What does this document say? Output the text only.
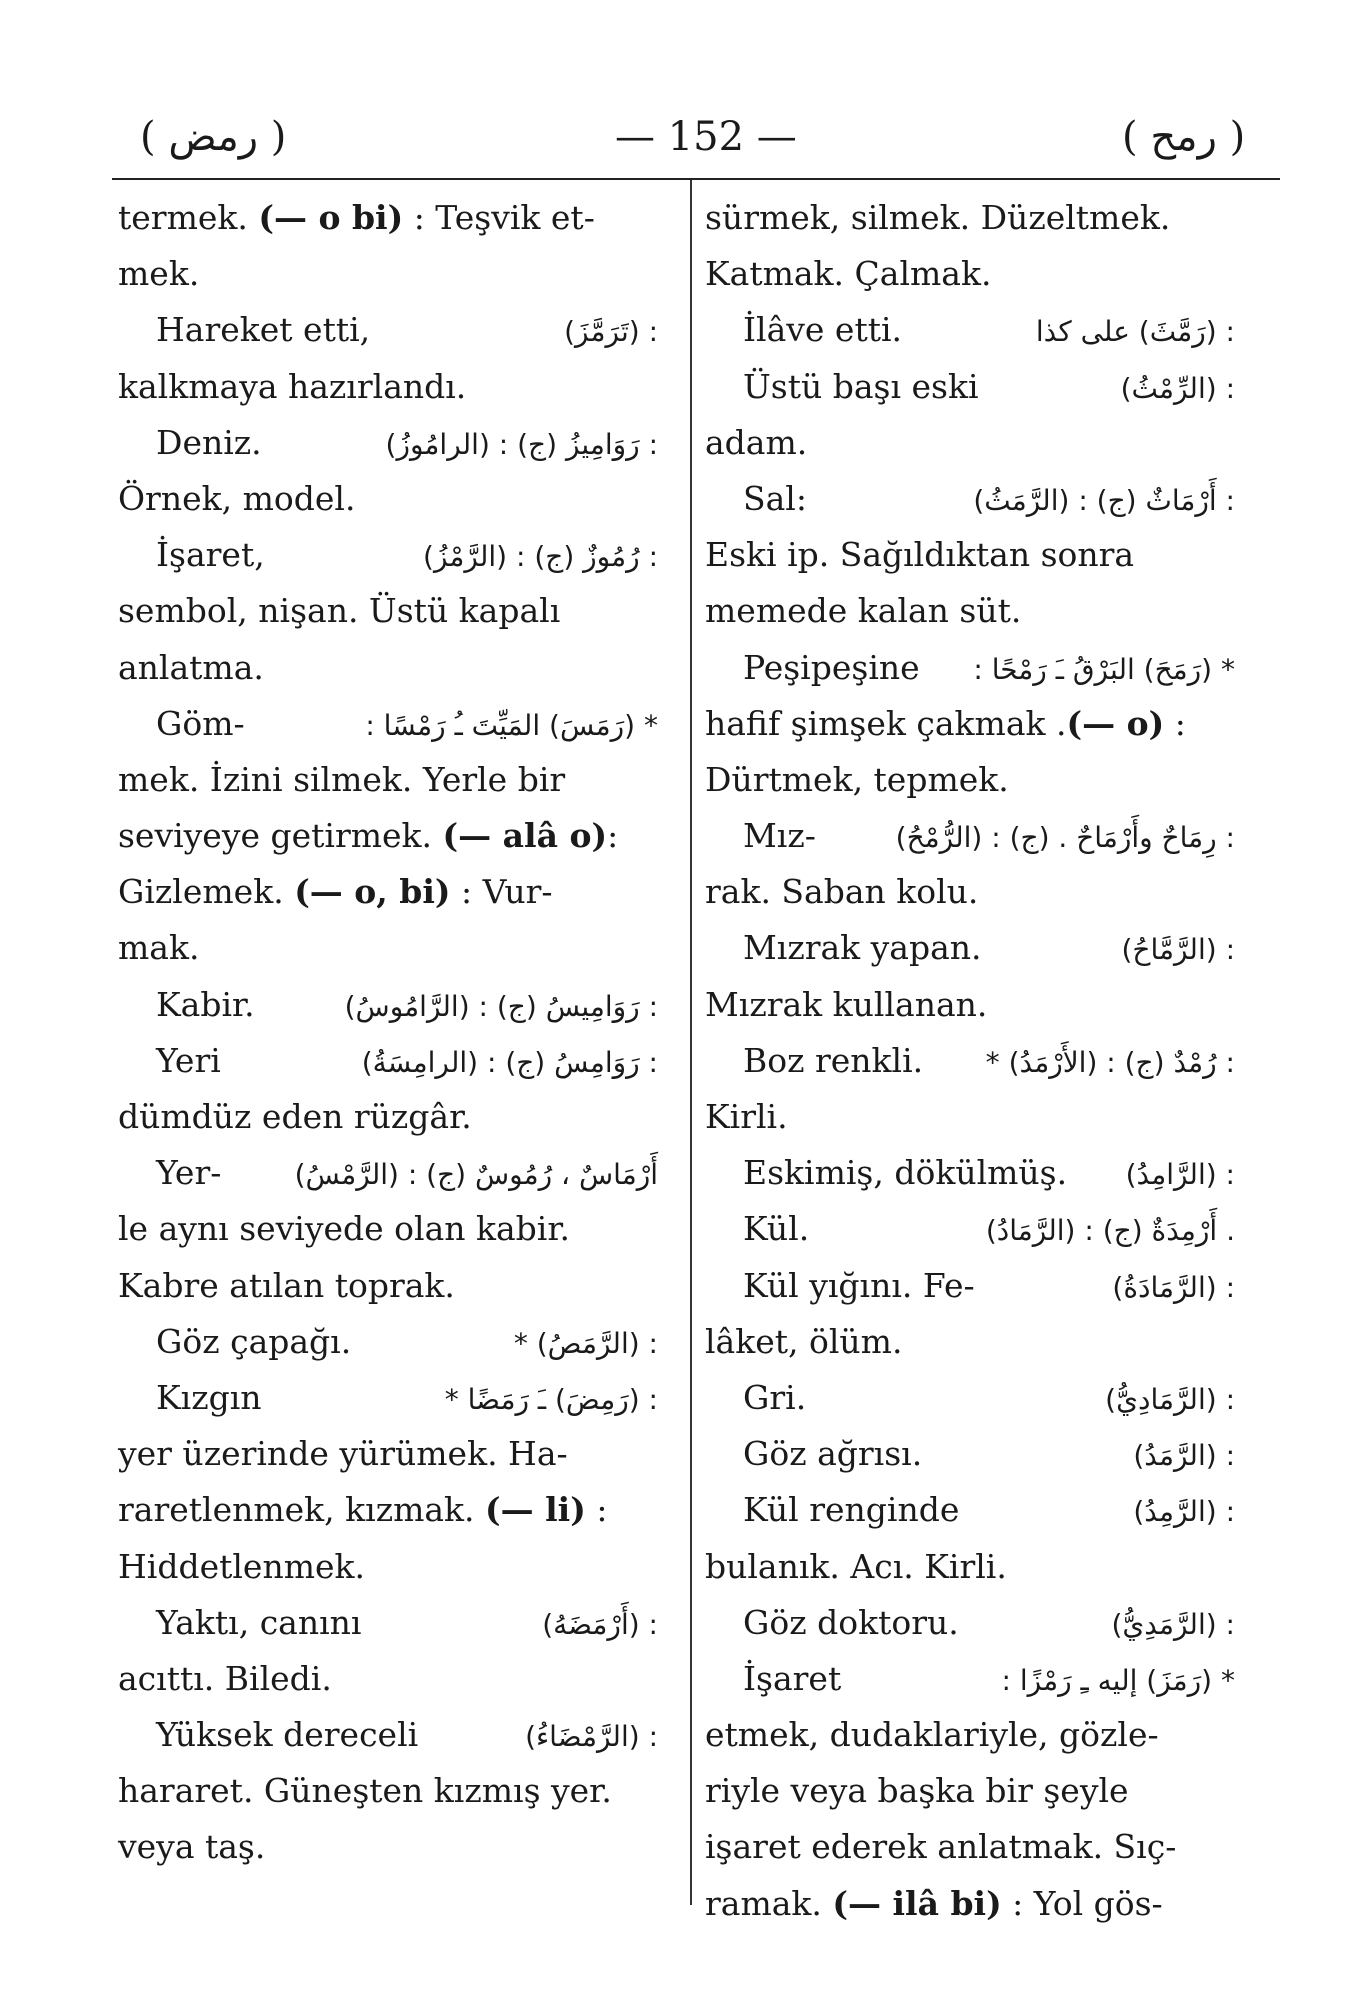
( رمض )	— 152 —	( رمح )
termek. (— o bi) : Teşvik et-
mek.
Hareket etti,	: (تَرَمَّزَ)
kalkmaya hazırlandı.
Deniz.	: رَوَامِيزُ (ج) : (الرامُوزُ)
Örnek, model.
İşaret,	: رُمُوزٌ (ج) : (الرَّمْزُ)
sembol, nişan. Üstü kapalı
anlatma.
Göm-	* (رَمَسَ) المَيِّتَ ـُ رَمْسًا :
mek. İzini silmek. Yerle bir
seviyeye getirmek. (— alâ o):
Gizlemek. (— o, bi) : Vur-
mak.
Kabir.	: رَوَامِيسُ (ج) : (الرَّامُوسُ)
Yeri	: رَوَامِسُ (ج) : (الرامِسَةُ)
dümdüz eden rüzgâr.
Yer-	أَرْمَاسٌ ، رُمُوسٌ (ج) : (الرَّمْسُ)
le aynı seviyede olan kabir.
Kabre atılan toprak.
Göz çapağı.	: (الرَّمَصُ) *
Kızgın	: (رَمِضَ) ـَ رَمَضًا *
yer üzerinde yürümek. Ha-
raretlenmek, kızmak. (— li) :
Hiddetlenmek.
Yaktı, canını	: (أَرْمَضَهُ)
acıttı. Biledi.
Yüksek dereceli	: (الرَّمْضَاءُ)
hararet. Güneşten kızmış yer.
veya taş.
sürmek, silmek. Düzeltmek.
Katmak. Çalmak.
İlâve etti.	: (رَمَّثَ) على كذا
Üstü başı eski	: (الرِّمْثُ)
adam.
Sal:	: أَرْمَاثٌ (ج) : (الرَّمَثُ)
Eski ip. Sağıldıktan sonra
memede kalan süt.
Peşipeşine	* (رَمَحَ) البَرْقُ ـَ رَمْحًا :
hafif şimşek çakmak .(— o) :
Dürtmek, tepmek.
Mız-	: رِمَاحٌ وأَرْمَاحٌ . (ج) : (الرُّمْحُ)
rak. Saban kolu.
Mızrak yapan.	: (الرَّمَّاحُ)
Mızrak kullanan.
Boz renkli.	: رُمْدٌ (ج) : (الأَرْمَدُ) *
Kirli.
Eskimiş, dökülmüş.	: (الرَّامِدُ)
Kül.	. أَرْمِدَةٌ (ج) : (الرَّمَادُ)
Kül yığını. Fe-	: (الرَّمَادَةُ)
lâket, ölüm.
Gri.	: (الرَّمَادِيُّ)
Göz ağrısı.	: (الرَّمَدُ)
Kül renginde	: (الرَّمِدُ)
bulanık. Acı. Kirli.
Göz doktoru.	: (الرَّمَدِيُّ)
İşaret	* (رَمَزَ) إليه ـِ رَمْزًا :
etmek, dudaklariyle, gözle-
riyle veya başka bir şeyle
işaret ederek anlatmak. Sıç-
ramak. (— ilâ bi) : Yol gös-
